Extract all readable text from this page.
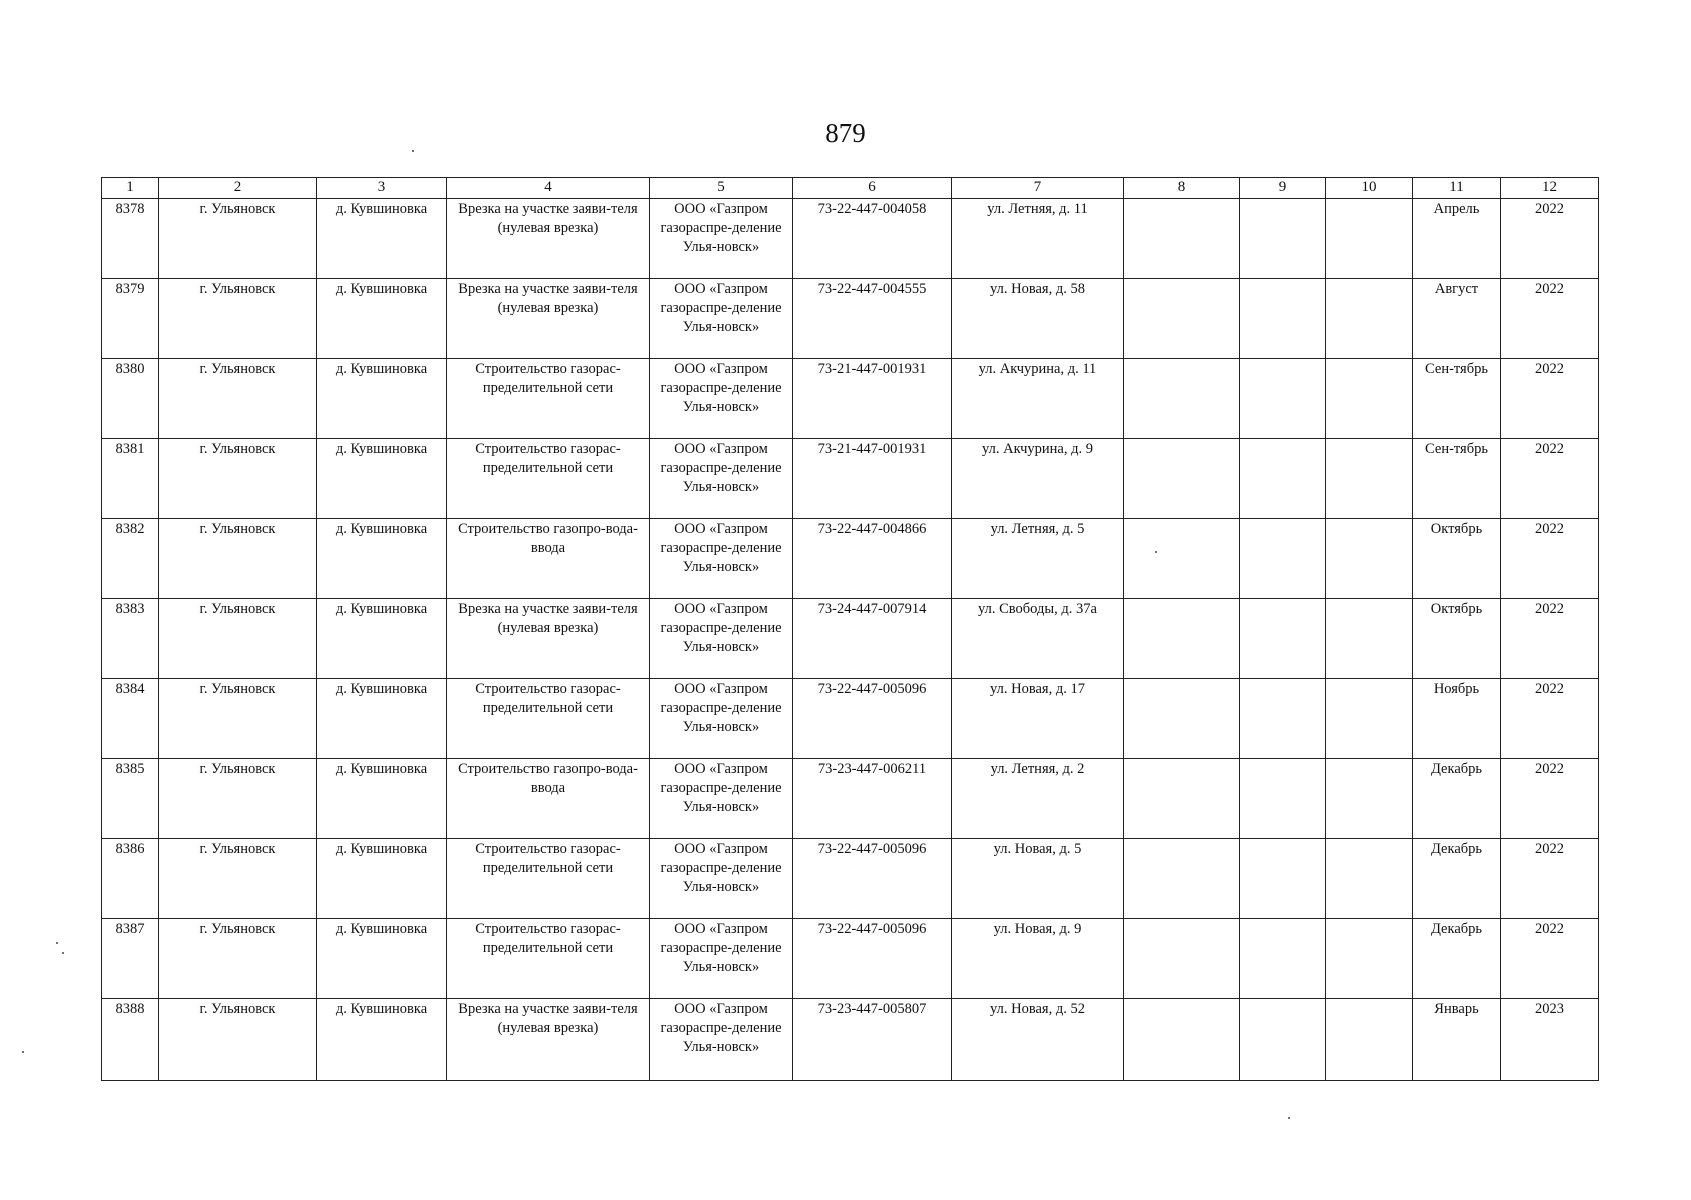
879
1	2	3	4	5	6	7	8	9	10	11	12
8378	г. Ульяновск	д. Кувшиновка	Врезка на участке заяви-теля (нулевая врезка)	ООО «Газпром газораспре-деление Улья-новск»	73-22-447-004058	ул. Летняя, д. 11				Апрель	2022
8379	г. Ульяновск	д. Кувшиновка	Врезка на участке заяви-теля (нулевая врезка)	ООО «Газпром газораспре-деление Улья-новск»	73-22-447-004555	ул. Новая, д. 58				Август	2022
8380	г. Ульяновск	д. Кувшиновка	Строительство газорас-пределительной сети	ООО «Газпром газораспре-деление Улья-новск»	73-21-447-001931	ул. Акчурина, д. 11				Сен-тябрь	2022
8381	г. Ульяновск	д. Кувшиновка	Строительство газорас-пределительной сети	ООО «Газпром газораспре-деление Улья-новск»	73-21-447-001931	ул. Акчурина, д. 9				Сен-тябрь	2022
8382	г. Ульяновск	д. Кувшиновка	Строительство газопро-вода-ввода	ООО «Газпром газораспре-деление Улья-новск»	73-22-447-004866	ул. Летняя, д. 5				Октябрь	2022
8383	г. Ульяновск	д. Кувшиновка	Врезка на участке заяви-теля (нулевая врезка)	ООО «Газпром газораспре-деление Улья-новск»	73-24-447-007914	ул. Свободы, д. 37а				Октябрь	2022
8384	г. Ульяновск	д. Кувшиновка	Строительство газорас-пределительной сети	ООО «Газпром газораспре-деление Улья-новск»	73-22-447-005096	ул. Новая, д. 17				Ноябрь	2022
8385	г. Ульяновск	д. Кувшиновка	Строительство газопро-вода-ввода	ООО «Газпром газораспре-деление Улья-новск»	73-23-447-006211	ул. Летняя, д. 2				Декабрь	2022
8386	г. Ульяновск	д. Кувшиновка	Строительство газорас-пределительной сети	ООО «Газпром газораспре-деление Улья-новск»	73-22-447-005096	ул. Новая, д. 5				Декабрь	2022
8387	г. Ульяновск	д. Кувшиновка	Строительство газорас-пределительной сети	ООО «Газпром газораспре-деление Улья-новск»	73-22-447-005096	ул. Новая, д. 9				Декабрь	2022
8388	г. Ульяновск	д. Кувшиновка	Врезка на участке заяви-теля (нулевая врезка)	ООО «Газпром газораспре-деление Улья-новск»	73-23-447-005807	ул. Новая, д. 52				Январь	2023
